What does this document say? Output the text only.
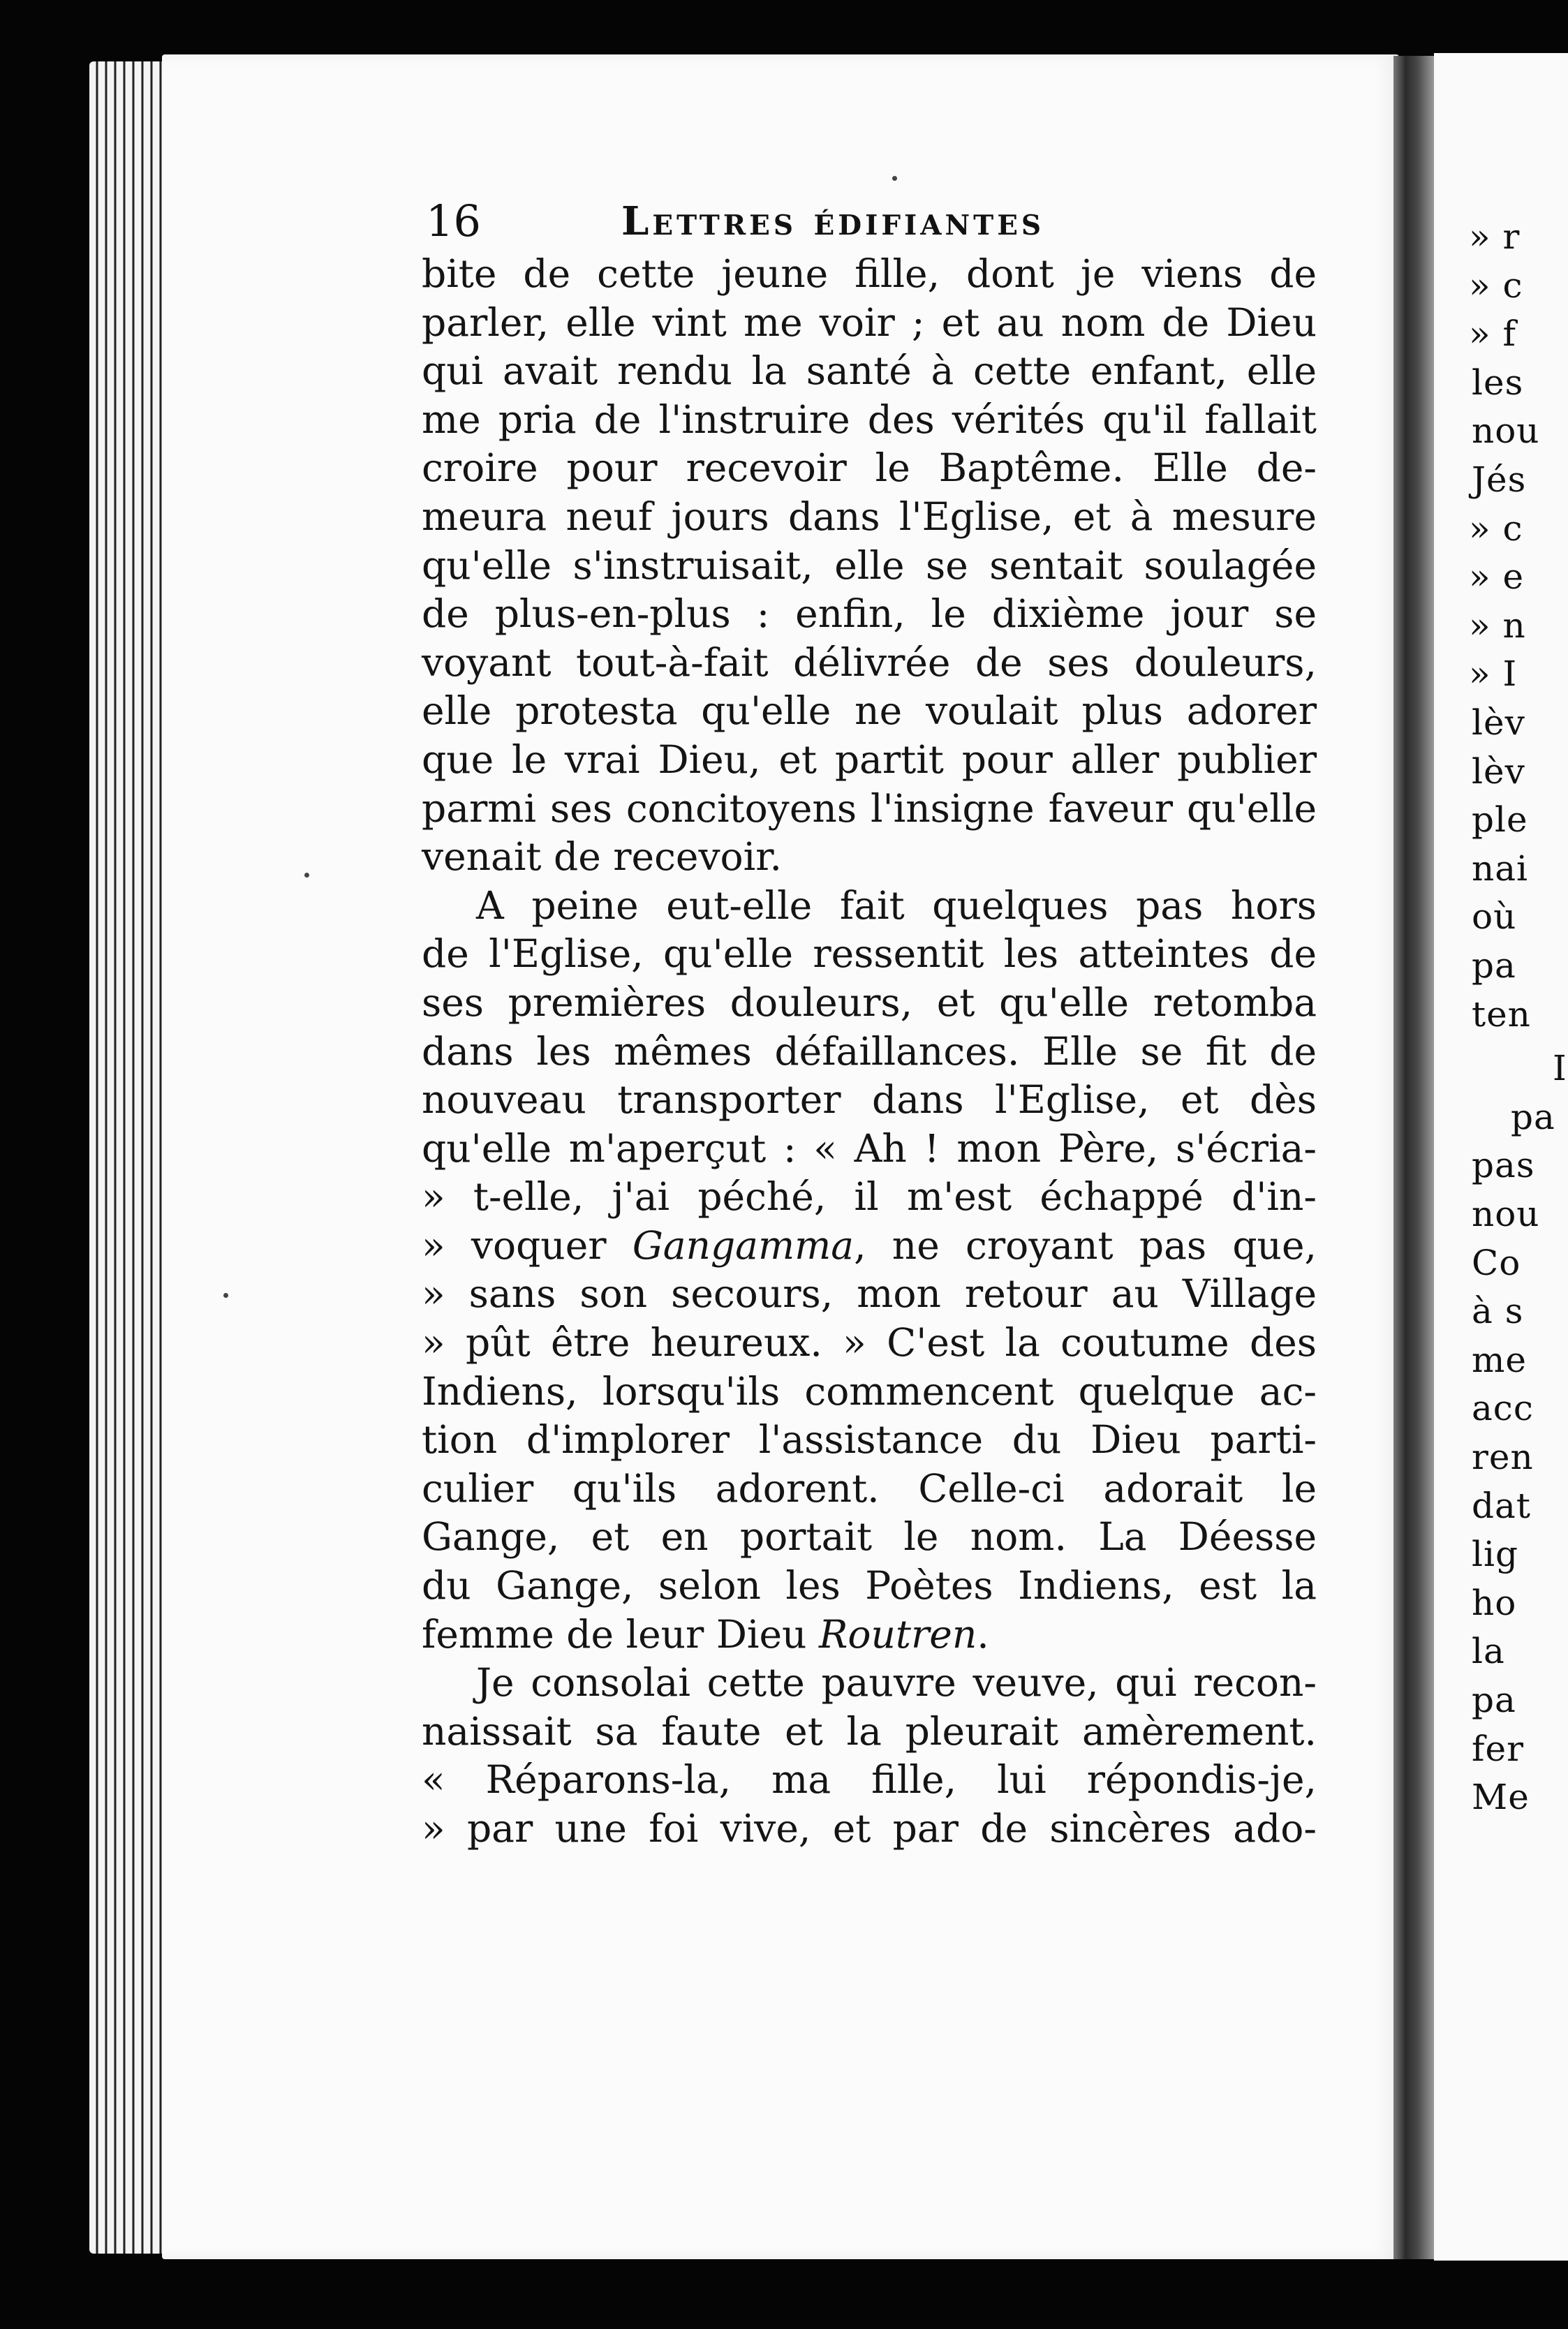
» r
» c
» f
les
nou
Jés
» c
» e
» n
» I
lèv
lèv
ple
nai
où
pa
ten
I
pa
pas
nou
Co
à s
me
acc
ren
dat
lig
ho
la
pa
fer
Me
16	Lettres édifiantes
bite de cette jeune fille, dont je viens de
parler, elle vint me voir ; et au nom de Dieu
qui avait rendu la santé à cette enfant, elle
me pria de l'instruire des vérités qu'il fallait
croire pour recevoir le Baptême. Elle de-
meura neuf jours dans l'Eglise, et à mesure
qu'elle s'instruisait, elle se sentait soulagée
de plus-en-plus : enfin, le dixième jour se
voyant tout-à-fait délivrée de ses douleurs,
elle protesta qu'elle ne voulait plus adorer
que le vrai Dieu, et partit pour aller publier
parmi ses concitoyens l'insigne faveur qu'elle
venait de recevoir.
A peine eut-elle fait quelques pas hors
de l'Eglise, qu'elle ressentit les atteintes de
ses premières douleurs, et qu'elle retomba
dans les mêmes défaillances. Elle se fit de
nouveau transporter dans l'Eglise, et dès
qu'elle m'aperçut : « Ah ! mon Père, s'écria-
» t-elle, j'ai péché, il m'est échappé d'in-
» voquer Gangamma, ne croyant pas que,
» sans son secours, mon retour au Village
» pût être heureux. » C'est la coutume des
Indiens, lorsqu'ils commencent quelque ac-
tion d'implorer l'assistance du Dieu parti-
culier qu'ils adorent. Celle-ci adorait le
Gange, et en portait le nom. La Déesse
du Gange, selon les Poètes Indiens, est la
femme de leur Dieu Routren.
Je consolai cette pauvre veuve, qui recon-
naissait sa faute et la pleurait amèrement.
« Réparons-la, ma fille, lui répondis-je,
» par une foi vive, et par de sincères ado-
